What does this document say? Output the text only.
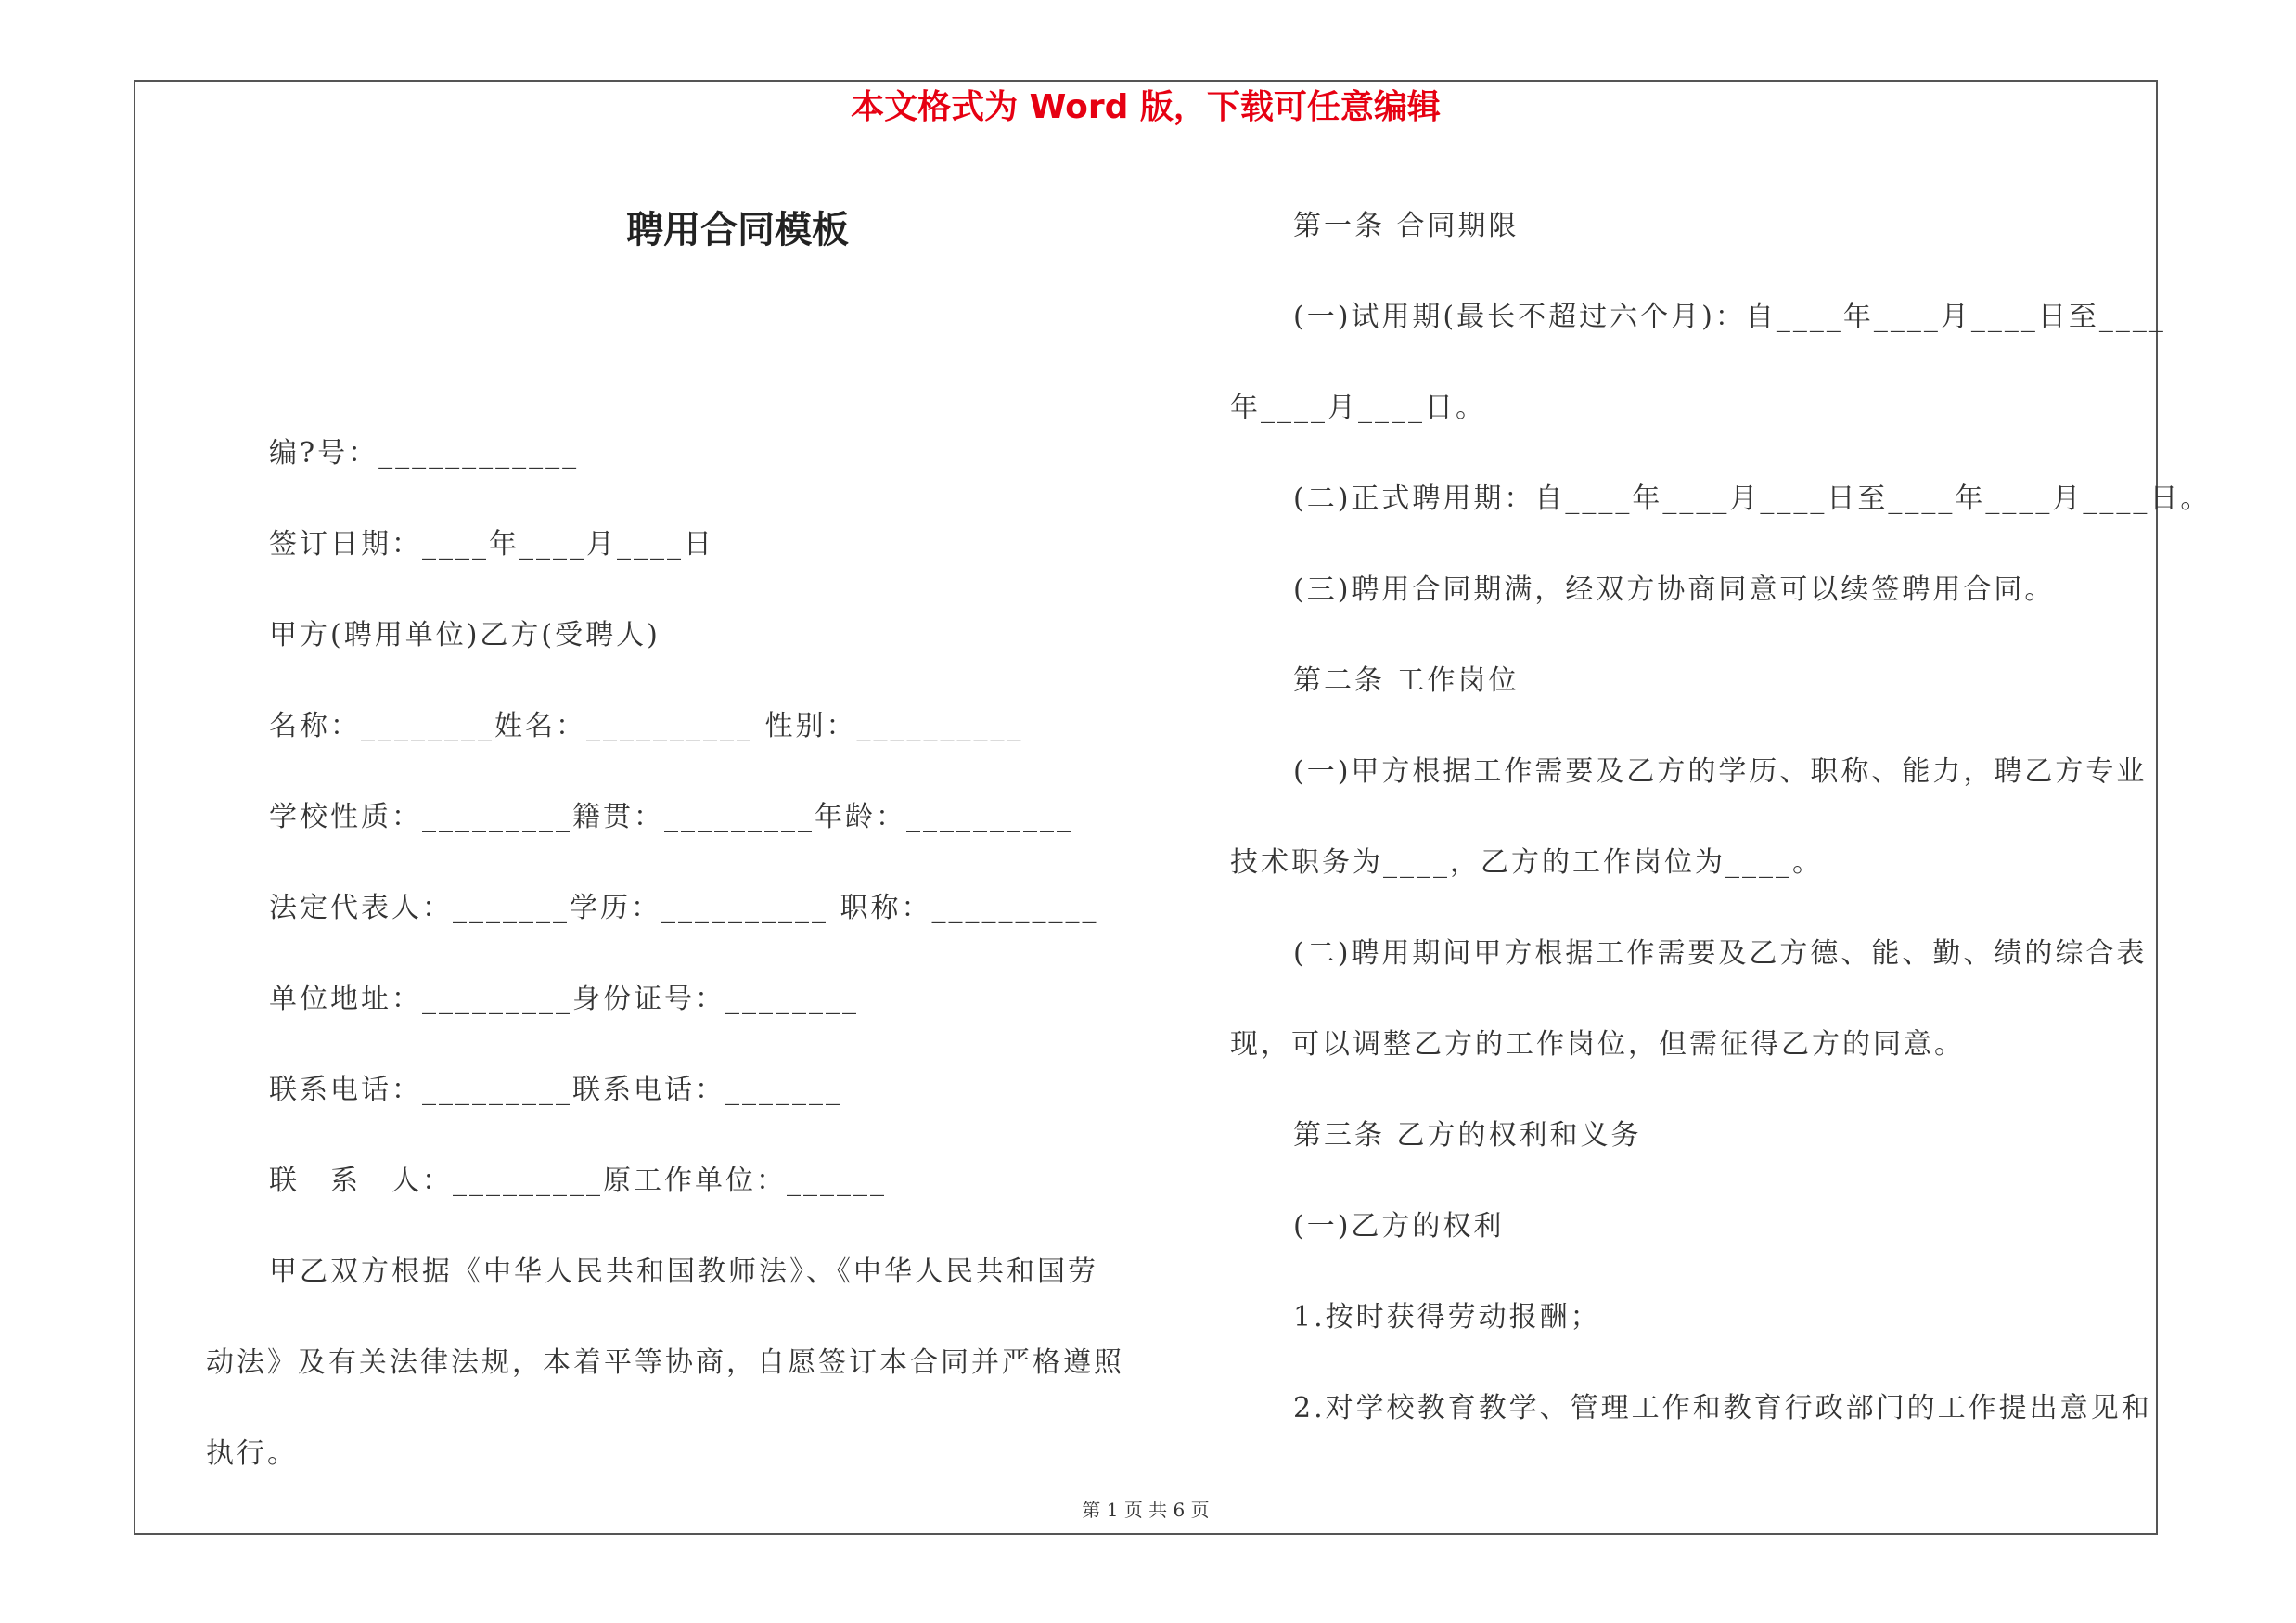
本文格式为 Word 版，下载可任意编辑
聘用合同模板

编?号：____________

签订日期：____年____月____日

甲方(聘用单位)乙方(受聘人)

名称：________姓名：__________ 性别：__________

学校性质：_________籍贯：_________年龄：__________

法定代表人：_______学历：__________ 职称：__________

单位地址：_________身份证号：________

联系电话：_________联系电话：_______

联　系　人：_________原工作单位：______

甲乙双方根据《中华人民共和国教师法》、《中华人民共和国劳

动法》及有关法律法规，本着平等协商，自愿签订本合同并严格遵照

执行。

第一条 合同期限

(一)试用期(最长不超过六个月)：自____年____月____日至____

年____月____日。

(二)正式聘用期：自____年____月____日至____年____月____日。

(三)聘用合同期满，经双方协商同意可以续签聘用合同。

第二条 工作岗位

(一)甲方根据工作需要及乙方的学历、职称、能力，聘乙方专业

技术职务为____，乙方的工作岗位为____。

(二)聘用期间甲方根据工作需要及乙方德、能、勤、绩的综合表

现，可以调整乙方的工作岗位，但需征得乙方的同意。

第三条 乙方的权利和义务

(一)乙方的权利

1.按时获得劳动报酬；

2.对学校教育教学、管理工作和教育行政部门的工作提出意见和

第 1 页 共 6 页
